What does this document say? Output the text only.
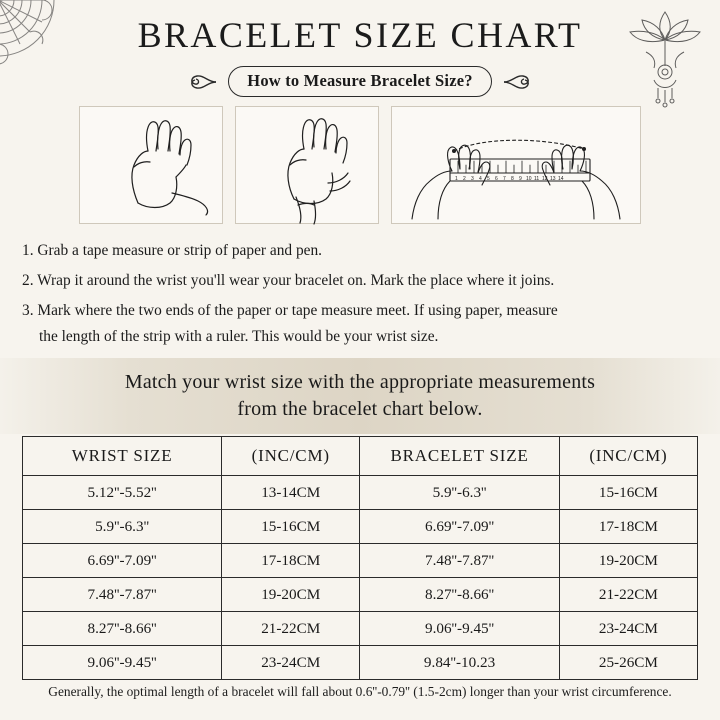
BRACELET SIZE CHART
How to Measure Bracelet Size?
1 2 3 4 5 6 7 8 9 10 11 12 13 14
1. Grab a tape measure or strip of paper and pen.
2. Wrap it around the wrist you'll wear your bracelet on. Mark the place where it joins.
3. Mark where the two ends of the paper or tape measure meet. If using paper, measure
the length of the strip with a ruler. This would be your wrist size.
Match your wrist size with the appropriate measurements
from the bracelet chart below.
WRIST SIZE	(INC/CM)	BRACELET SIZE	(INC/CM)
5.12''-5.52''	13-14CM	5.9''-6.3''	15-16CM
5.9''-6.3''	15-16CM	6.69''-7.09''	17-18CM
6.69''-7.09''	17-18CM	7.48''-7.87''	19-20CM
7.48''-7.87''	19-20CM	8.27''-8.66''	21-22CM
8.27''-8.66''	21-22CM	9.06''-9.45''	23-24CM
9.06''-9.45''	23-24CM	9.84''-10.23	25-26CM
Generally, the optimal length of a bracelet will fall about 0.6''-0.79'' (1.5-2cm) longer than your wrist circumference.
